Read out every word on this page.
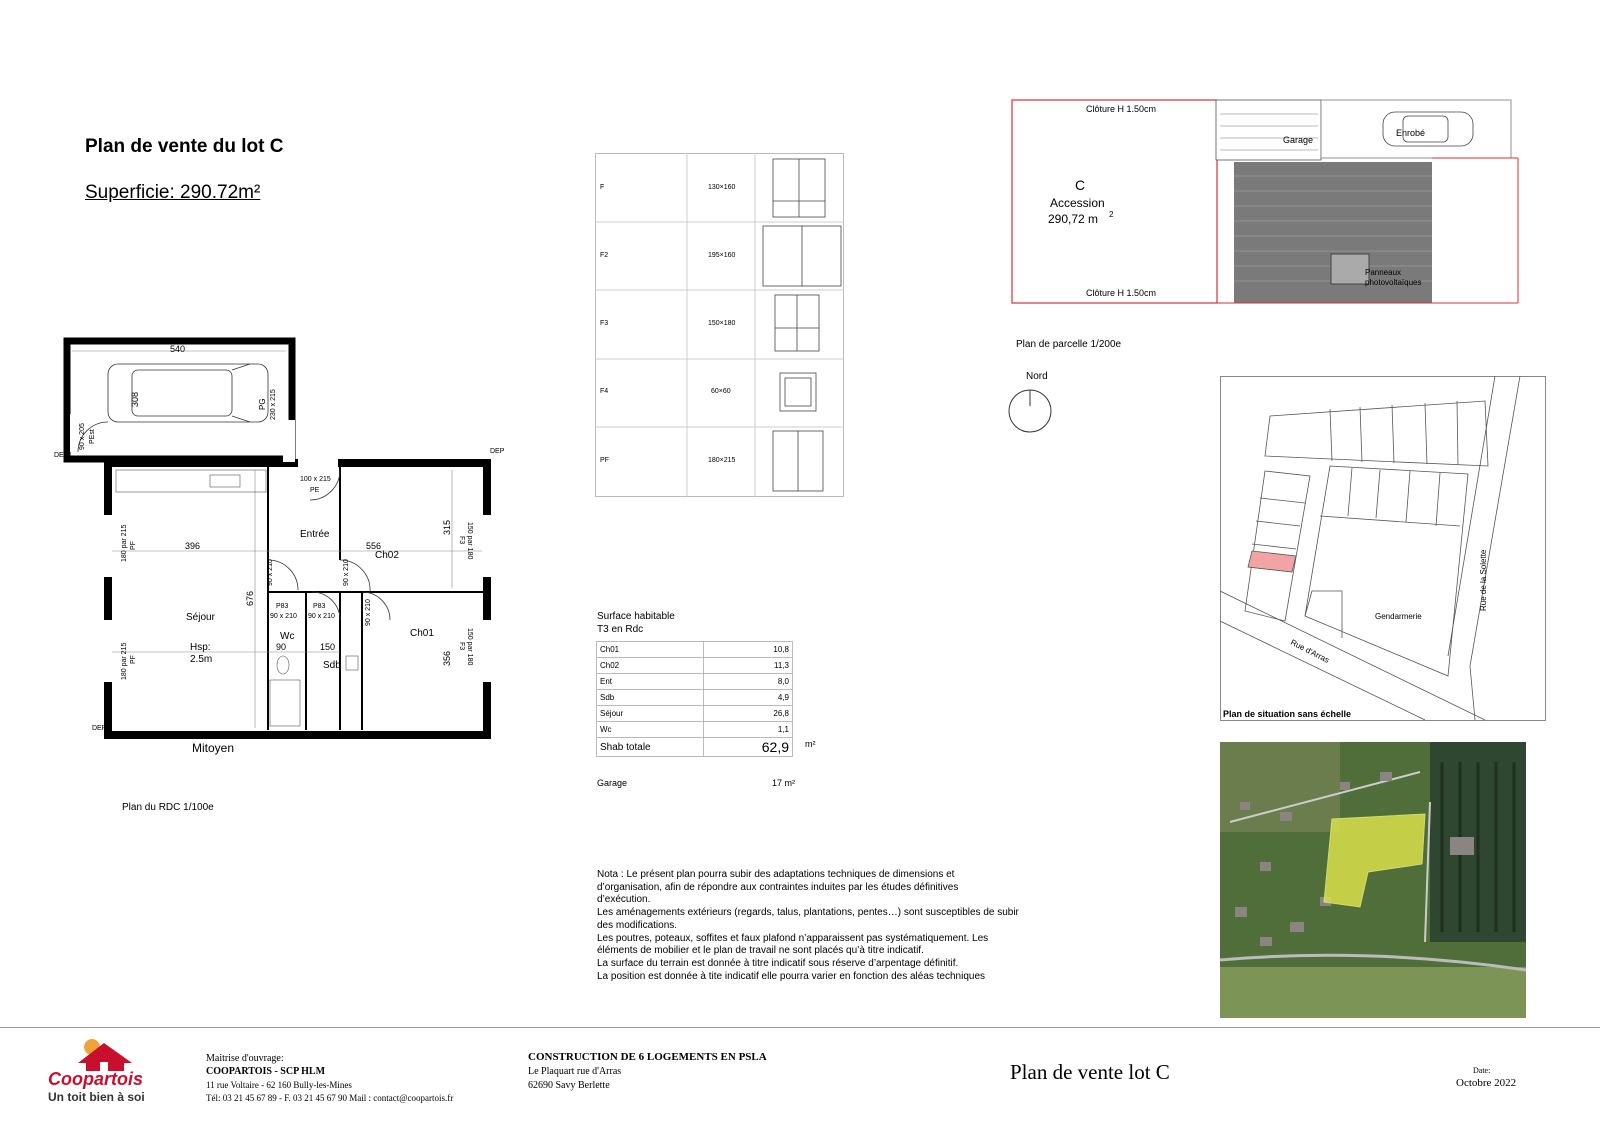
Plan de vente du lot C
Superficie: 290.72m²
Entrée
Ch02
Ch01
Séjour
Hsp:
2.5m
Wc
Sdb
540
308
396	556
315
676
356
150
90
PG 230 x 215
100 x 215
PE
90 x 205 PEst
180 par 215 PF
180 par 215 PF
150 par 180
F3
150 par 180
F3
P83
90 x 210
P83
90 x 210
90 x 210	90 x 210
90 x 210
DEP
DE
DEP
Mitoyen
Plan du RDC 1/100e
F	130×160
F2	195×160
F3	150×180
F4	60×60
PF	180×215
Surface habitable
T3 en Rdc
Ch01	10,8
Ch02	11,3
Ent	8,0
Sdb	4,9
Séjour	26,8
Wc	1,1
Shab totale	62,9 m²
Garage	17 m²
Clôture H 1.50cm
Clôture H 1.50cm
C
Accession
290,72 m 2
Garage
Enrobé
Panneaux
photovoltaïques
Plan de parcelle 1/200e
Nord
Gendarmerie
Rue d'Arras
Rue de la Solette
Plan de situation sans échelle
Nota : Le présent plan pourra subir des adaptations techniques de dimensions et
d’organisation, afin de répondre aux contraintes induites par les études définitives
d’exécution.
Les aménagements extérieurs (regards, talus, plantations, pentes…) sont susceptibles de subir
des modifications.
Les poutres, poteaux, soffites et faux plafond n’apparaissent pas systématiquement. Les
éléments de mobilier et le plan de travail ne sont placés qu’à titre indicatif.
La surface du terrain est donnée à titre indicatif sous réserve d’arpentage définitif.
La position est donnée à tite indicatif elle pourra varier en fonction des aléas techniques
Coopartois
Un toit bien à soi
Maitrise d'ouvrage:
COOPARTOIS - SCP HLM
11 rue Voltaire - 62 160 Bully-les-Mines
Tél: 03 21 45 67 89 - F. 03 21 45 67 90 Mail : contact@coopartois.fr
CONSTRUCTION DE 6 LOGEMENTS EN PSLA
Le Plaquart rue d'Arras
62690 Savy Berlette
Plan de vente lot C	Date:
Octobre 2022
